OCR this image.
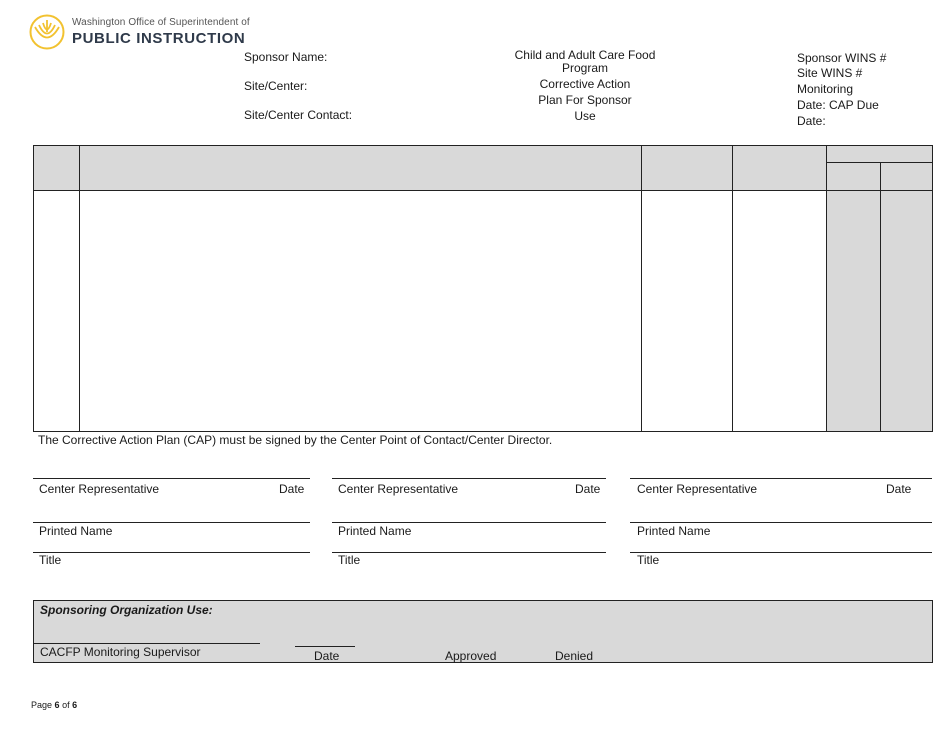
Washington Office of Superintendent of
PUBLIC INSTRUCTION
Sponsor Name:
Site/Center:
Site/Center Contact:
Child and Adult Care Food
Program
Corrective Action
Plan For Sponsor
Use
Sponsor WINS #
Site WINS #
Monitoring
Date: CAP Due
Date:
The Corrective Action Plan (CAP) must be signed by the Center Point of Contact/Center Director.
Center Representative	Date
Printed Name
Title
Center Representative	Date
Printed Name
Title
Center Representative	Date
Printed Name
Title
Sponsoring Organization Use:
CACFP Monitoring Supervisor	Date	Approved	Denied
Page 6 of 6
